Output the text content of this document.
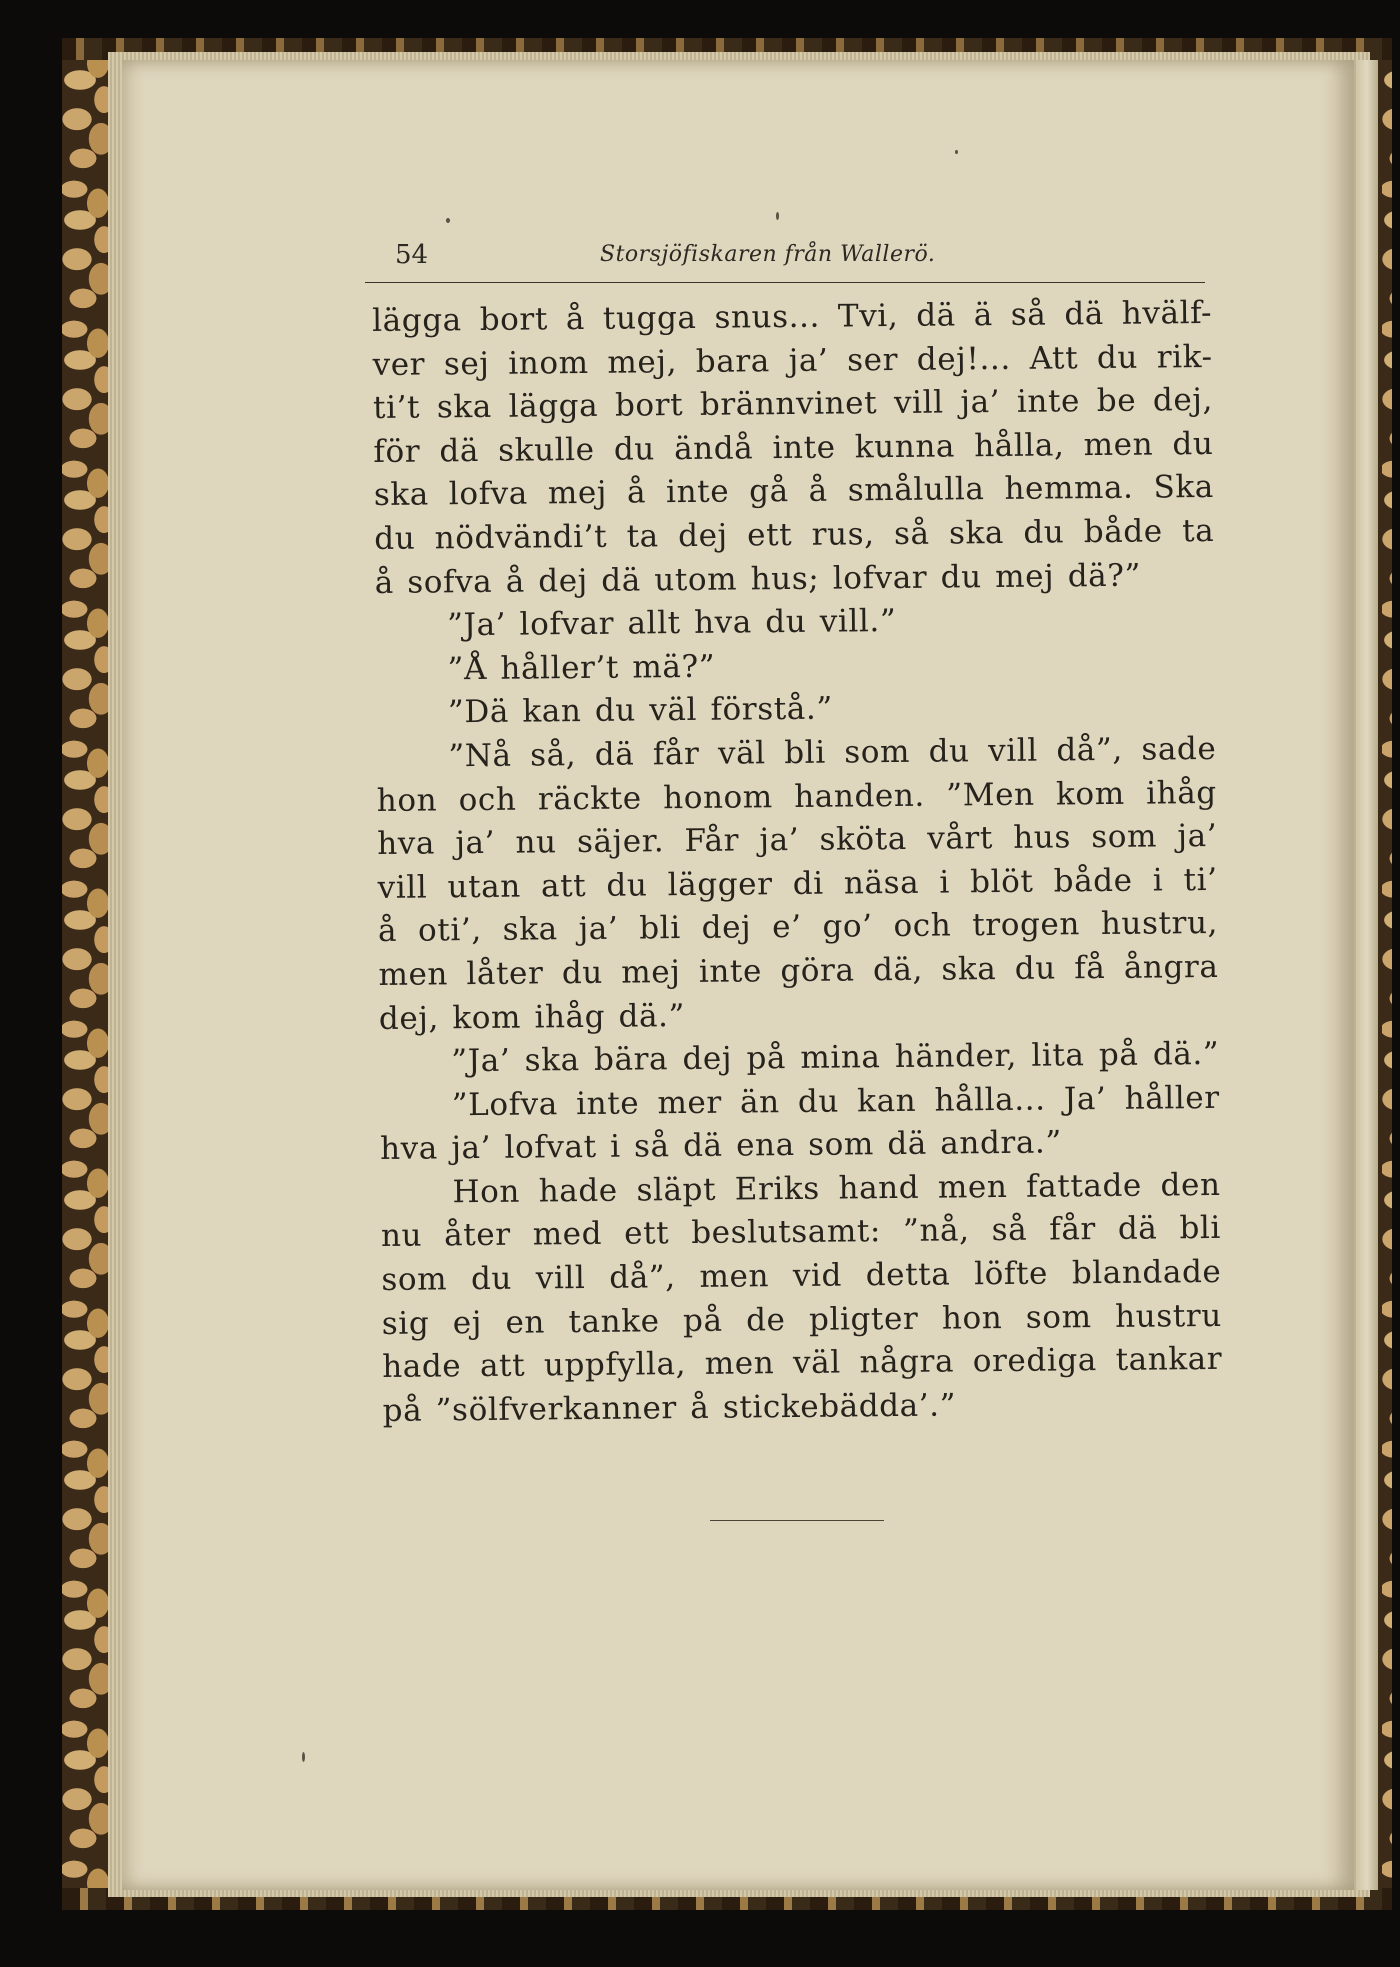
54	Storsjöfiskaren från Wallerö.
lägga bort å tugga snus... Tvi, dä ä så dä hvälf-
ver sej inom mej, bara ja’ ser dej!... Att du rik-
ti’t ska lägga bort brännvinet vill ja’ inte be dej,
för dä skulle du ändå inte kunna hålla, men du
ska lofva mej å inte gå å smålulla hemma. Ska
du nödvändi’t ta dej ett rus, så ska du både ta
å sofva å dej dä utom hus; lofvar du mej dä?”
”Ja’ lofvar allt hva du vill.”
”Å håller’t mä?”
”Dä kan du väl förstå.”
”Nå så, dä får väl bli som du vill då”, sade
hon och räckte honom handen. ”Men kom ihåg
hva ja’ nu säjer. Får ja’ sköta vårt hus som ja’
vill utan att du lägger di näsa i blöt både i ti’
å oti’, ska ja’ bli dej e’ go’ och trogen hustru,
men låter du mej inte göra dä, ska du få ångra
dej, kom ihåg dä.”
”Ja’ ska bära dej på mina händer, lita på dä.”
”Lofva inte mer än du kan hålla... Ja’ håller
hva ja’ lofvat i så dä ena som dä andra.”
Hon hade släpt Eriks hand men fattade den
nu åter med ett beslutsamt: ”nå, så får dä bli
som du vill då”, men vid detta löfte blandade
sig ej en tanke på de pligter hon som hustru
hade att uppfylla, men väl några orediga tankar
på ”sölfverkanner å stickebädda’.”
